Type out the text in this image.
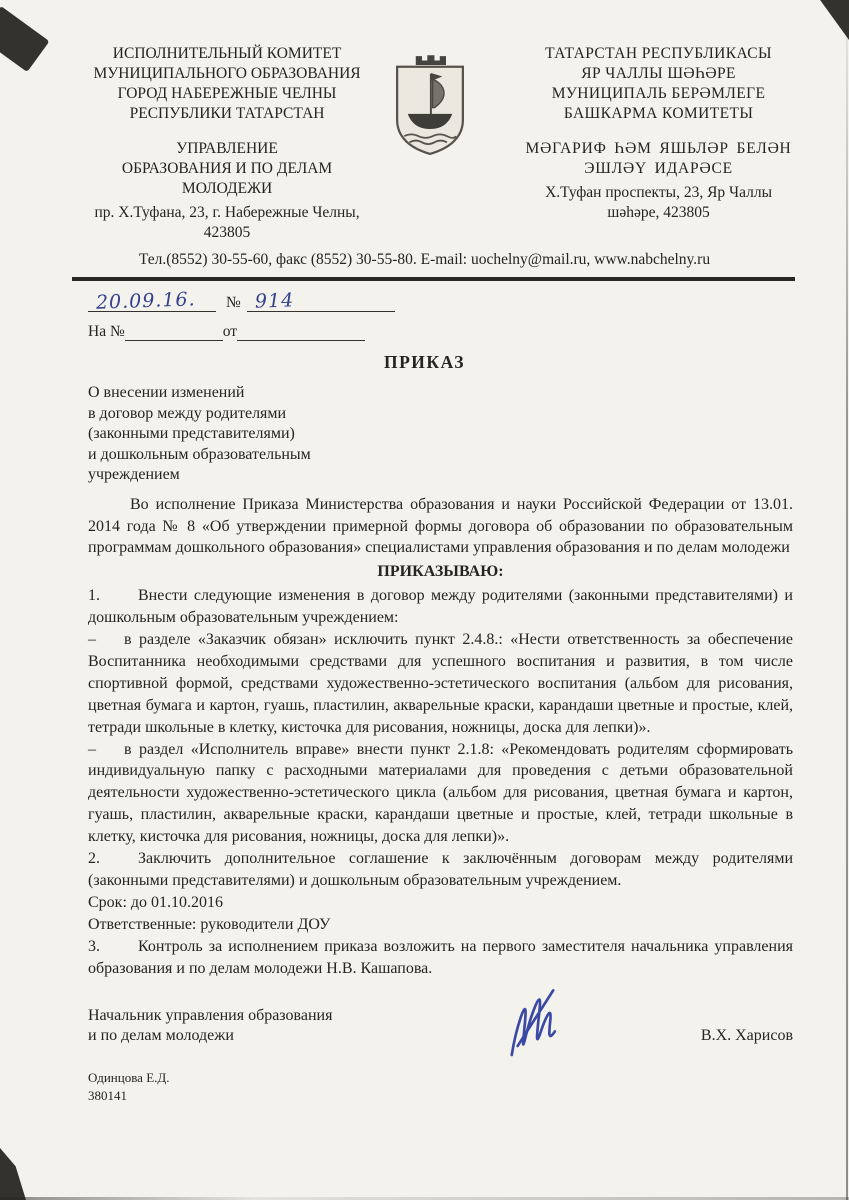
ИСПОЛНИТЕЛЬНЫЙ КОМИТЕТ
МУНИЦИПАЛЬНОГО ОБРАЗОВАНИЯ
ГОРОД НАБЕРЕЖНЫЕ ЧЕЛНЫ
РЕСПУБЛИКИ ТАТАРСТАН
УПРАВЛЕНИЕ
ОБРАЗОВАНИЯ И ПО ДЕЛАМ МОЛОДЕЖИ
пр. Х.Туфана, 23, г. Набережные Челны,
423805
ТАТАРСТАН РЕСПУБЛИКАСЫ
ЯР ЧАЛЛЫ ШӘҺӘРЕ
МУНИЦИПАЛЬ БЕРӘМЛЕГЕ
БАШКАРМА КОМИТЕТЫ
МӘГАРИФ ҺӘМ ЯШЬЛӘР БЕЛӘН
ЭШЛӘҮ ИДАРӘСЕ
Х.Туфан проспекты, 23, Яр Чаллы
шәһәре, 423805
Тел.(8552) 30-55-60, факс (8552) 30-55-80. E-mail: uochelny@mail.ru, www.nabchelny.ru
20.09.16. № 914
На №	от
ПРИКАЗ
О внесении изменений
в договор между родителями
(законными представителями)
и дошкольным образовательным
учреждением
Во исполнение Приказа Министерства образования и науки Российской Федерации от 13.01. 2014 года № 8 «Об утверждении примерной формы договора об образовании по образовательным программам дошкольного образования» специалистами управления образования и по делам молодежи
ПРИКАЗЫВАЮ:
1. Внести следующие изменения в договор между родителями (законными представителями) и дошкольным образовательным учреждением:
– в разделе «Заказчик обязан» исключить пункт 2.4.8.: «Нести ответственность за обеспечение Воспитанника необходимыми средствами для успешного воспитания и развития, в том числе спортивной формой, средствами художественно-эстетического воспитания (альбом для рисования, цветная бумага и картон, гуашь, пластилин, акварельные краски, карандаши цветные и простые, клей, тетради школьные в клетку, кисточка для рисования, ножницы, доска для лепки)».
– в раздел «Исполнитель вправе» внести пункт 2.1.8: «Рекомендовать родителям сформировать индивидуальную папку с расходными материалами для проведения с детьми образовательной деятельности художественно-эстетического цикла (альбом для рисования, цветная бумага и картон, гуашь, пластилин, акварельные краски, карандаши цветные и простые, клей, тетради школьные в клетку, кисточка для рисования, ножницы, доска для лепки)».
2. Заключить дополнительное соглашение к заключённым договорам между родителями (законными представителями) и дошкольным образовательным учреждением.
Срок: до 01.10.2016
Ответственные: руководители ДОУ
3. Контроль за исполнением приказа возложить на первого заместителя начальника управления образования и по делам молодежи Н.В. Кашапова.
Начальник управления образования
и по делам молодежи	В.Х. Харисов
Одинцова Е.Д.
380141
